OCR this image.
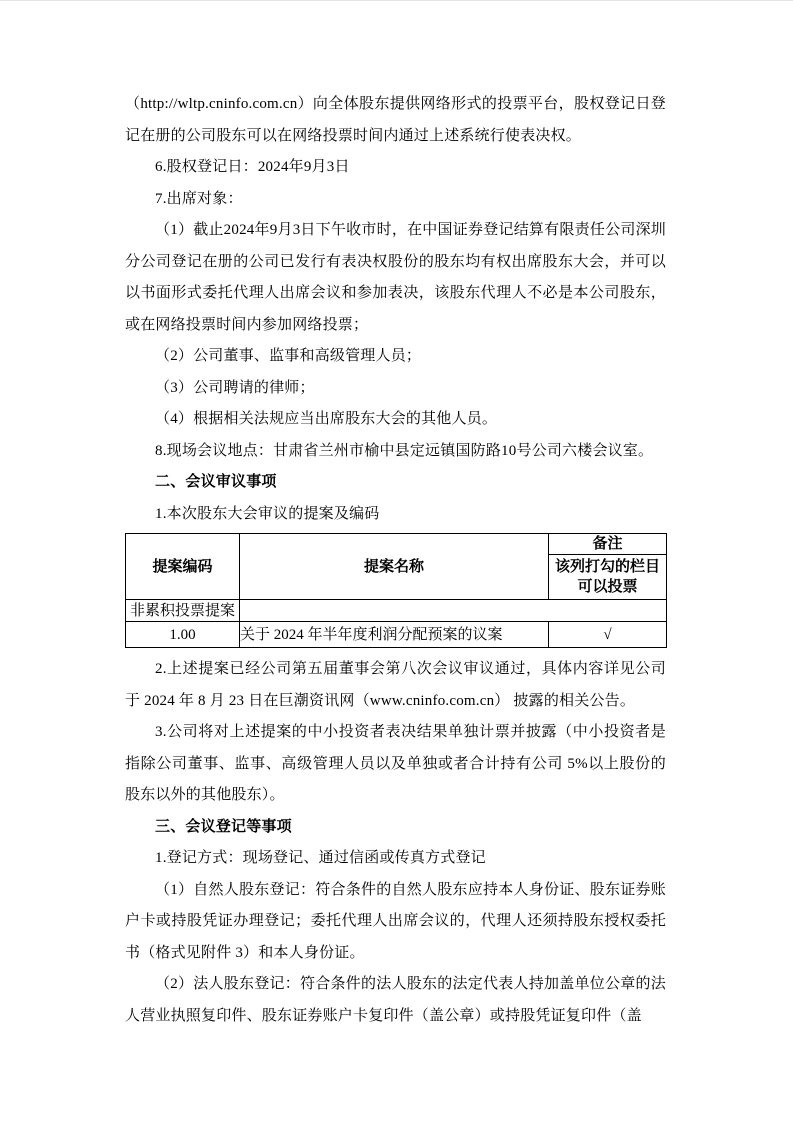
（http://wltp.cninfo.com.cn）向全体股东提供网络形式的投票平台，股权登记日登记在册的公司股东可以在网络投票时间内通过上述系统行使表决权。

6.股权登记日：2024年9月3日

7.出席对象：

（1）截止2024年9月3日下午收市时，在中国证券登记结算有限责任公司深圳分公司登记在册的公司已发行有表决权股份的股东均有权出席股东大会，并可以以书面形式委托代理人出席会议和参加表决，该股东代理人不必是本公司股东，或在网络投票时间内参加网络投票；

（2）公司董事、监事和高级管理人员；

（3）公司聘请的律师；

（4）根据相关法规应当出席股东大会的其他人员。

8.现场会议地点：甘肃省兰州市榆中县定远镇国防路10号公司六楼会议室。

二、会议审议事项

1.本次股东大会审议的提案及编码

提案编码	提案名称	备注
		该列打勾的栏目可以投票
非累积投票提案		
1.00	关于 2024 年半年度利润分配预案的议案	√

2.上述提案已经公司第五届董事会第八次会议审议通过，具体内容详见公司于 2024 年 8 月 23 日在巨潮资讯网（www.cninfo.com.cn） 披露的相关公告。

3.公司将对上述提案的中小投资者表决结果单独计票并披露（中小投资者是指除公司董事、监事、高级管理人员以及单独或者合计持有公司 5%以上股份的股东以外的其他股东）。

三、会议登记等事项

1.登记方式：现场登记、通过信函或传真方式登记

（1）自然人股东登记：符合条件的自然人股东应持本人身份证、股东证券账户卡或持股凭证办理登记；委托代理人出席会议的，代理人还须持股东授权委托书（格式见附件 3）和本人身份证。

（2）法人股东登记：符合条件的法人股东的法定代表人持加盖单位公章的法人营业执照复印件、股东证券账户卡复印件（盖公章）或持股凭证复印件（盖
